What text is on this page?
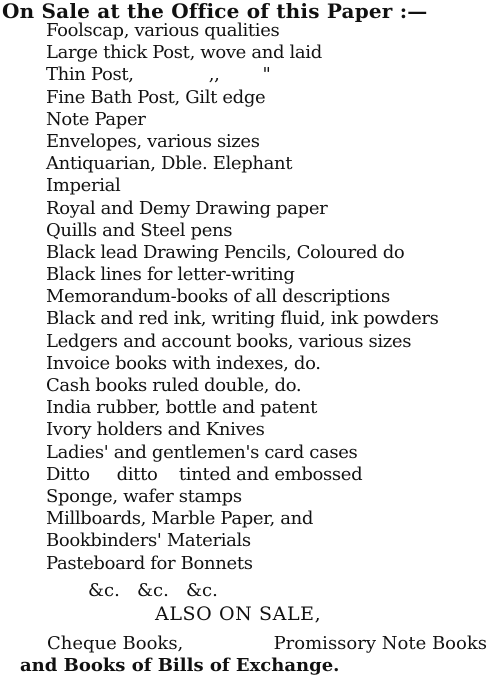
On Sale at the Office of this Paper :—
Foolscap, various qualities
Large thick Post, wove and laid
Thin Post,              ,,        "
Fine Bath Post, Gilt edge
Note Paper
Envelopes, various sizes
Antiquarian, Dble. Elephant
Imperial
Royal and Demy Drawing paper
Quills and Steel pens
Black lead Drawing Pencils, Coloured do
Black lines for letter-writing
Memorandum-books of all descriptions
Black and red ink, writing fluid, ink powders
Ledgers and account books, various sizes
Invoice books with indexes, do.
Cash books ruled double, do.
India rubber, bottle and patent
Ivory holders and Knives
Ladies' and gentlemen's card cases
Ditto     ditto    tinted and embossed
Sponge, wafer stamps
Millboards, Marble Paper, and
Bookbinders' Materials
Pasteboard for Bonnets
&c.   &c.   &c.
ALSO ON SALE,
Cheque Books,	Promissory Note Books
and Books of Bills of Exchange.
